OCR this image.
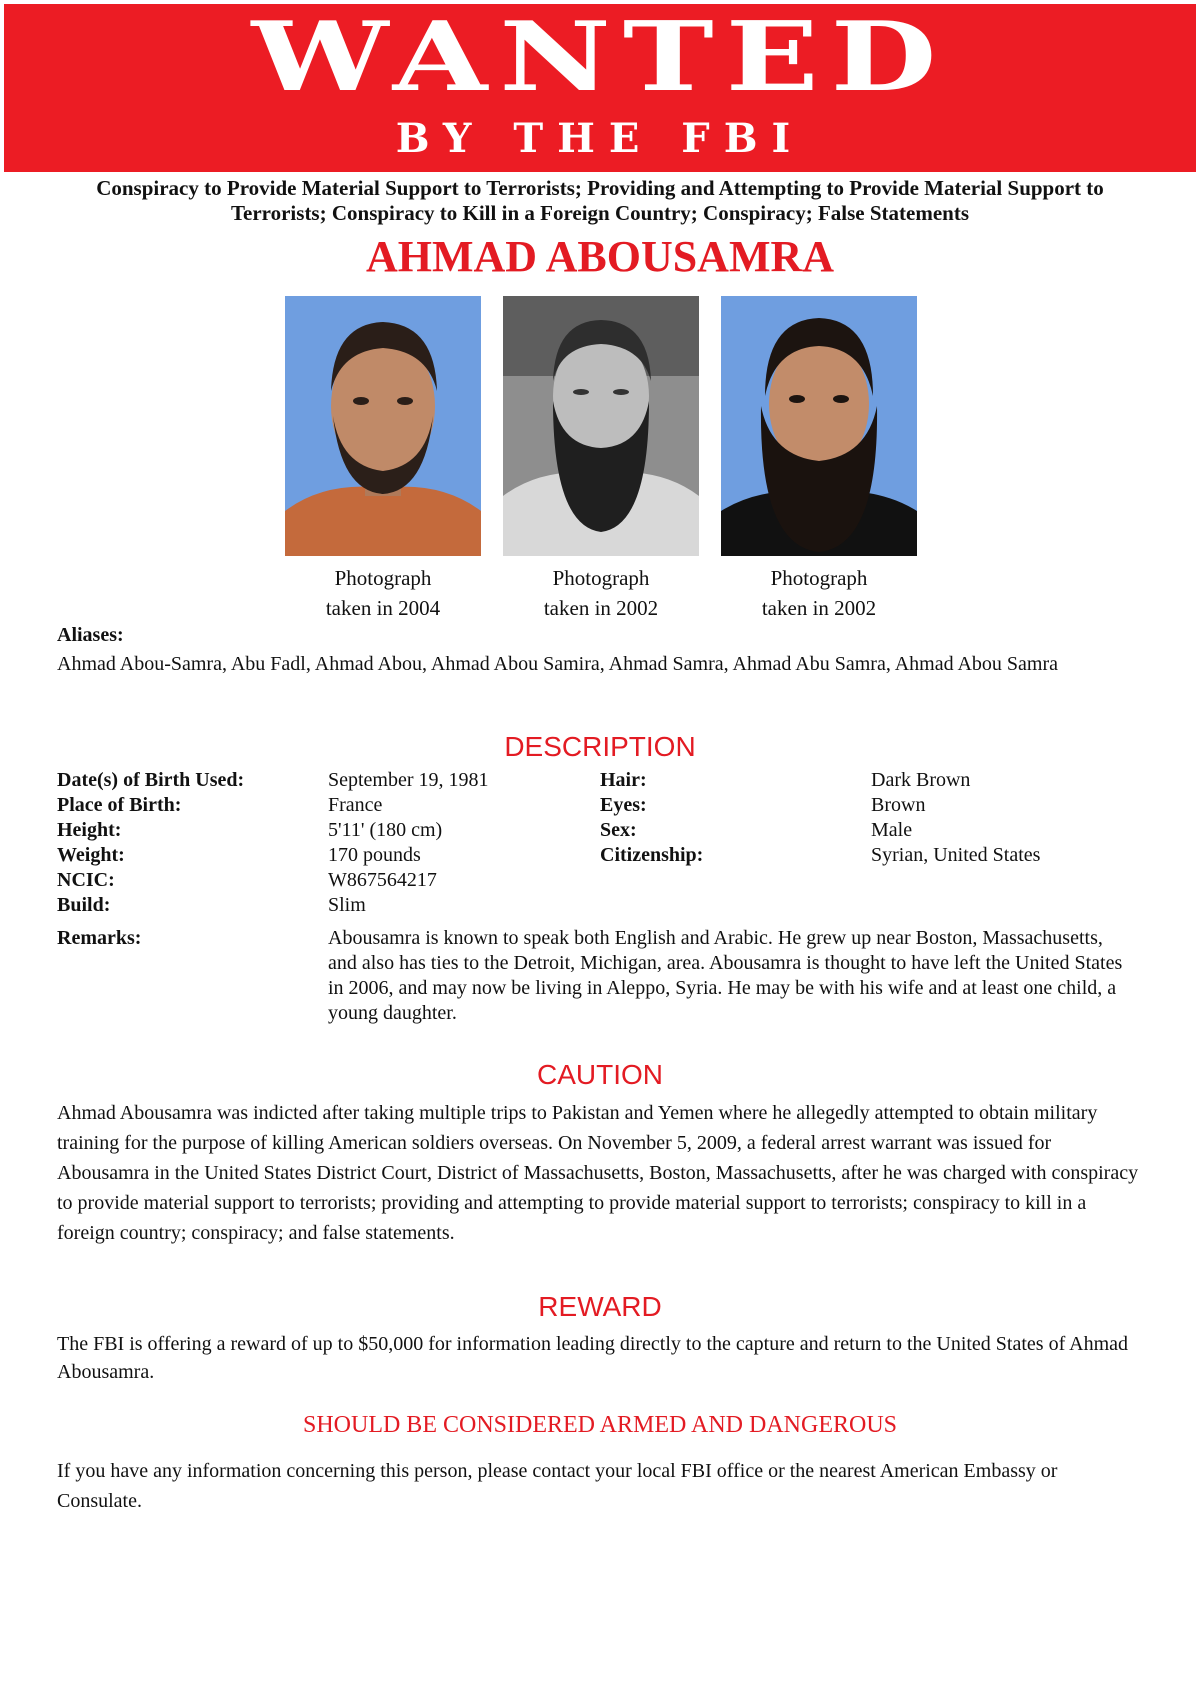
WANTED
BY THE FBI
Conspiracy to Provide Material Support to Terrorists; Providing and Attempting to Provide Material Support to Terrorists; Conspiracy to Kill in a Foreign Country; Conspiracy; False Statements
AHMAD ABOUSAMRA
Photograph
taken in 2004
Photograph
taken in 2002
Photograph
taken in 2002
Aliases:
Ahmad Abou-Samra, Abu Fadl, Ahmad Abou, Ahmad Abou Samira, Ahmad Samra, Ahmad Abu Samra, Ahmad Abou Samra
DESCRIPTION
Date(s) of Birth Used:	September 19, 1981
Place of Birth:	France
Height:	5'11' (180 cm)
Weight:	170 pounds
NCIC:	W867564217
Build:	Slim
Hair:	Dark Brown
Eyes:	Brown
Sex:	Male
Citizenship:	Syrian, United States
Remarks:	Abousamra is known to speak both English and Arabic. He grew up near Boston, Massachusetts, and also has ties to the Detroit, Michigan, area. Abousamra is thought to have left the United States in 2006, and may now be living in Aleppo, Syria. He may be with his wife and at least one child, a young daughter.
CAUTION
Ahmad Abousamra was indicted after taking multiple trips to Pakistan and Yemen where he allegedly attempted to obtain military training for the purpose of killing American soldiers overseas. On November 5, 2009, a federal arrest warrant was issued for Abousamra in the United States District Court, District of Massachusetts, Boston, Massachusetts, after he was charged with conspiracy to provide material support to terrorists; providing and attempting to provide material support to terrorists; conspiracy to kill in a foreign country; conspiracy; and false statements.
REWARD
The FBI is offering a reward of up to $50,000 for information leading directly to the capture and return to the United States of Ahmad Abousamra.
SHOULD BE CONSIDERED ARMED AND DANGEROUS
If you have any information concerning this person, please contact your local FBI office or the nearest American Embassy or Consulate.
